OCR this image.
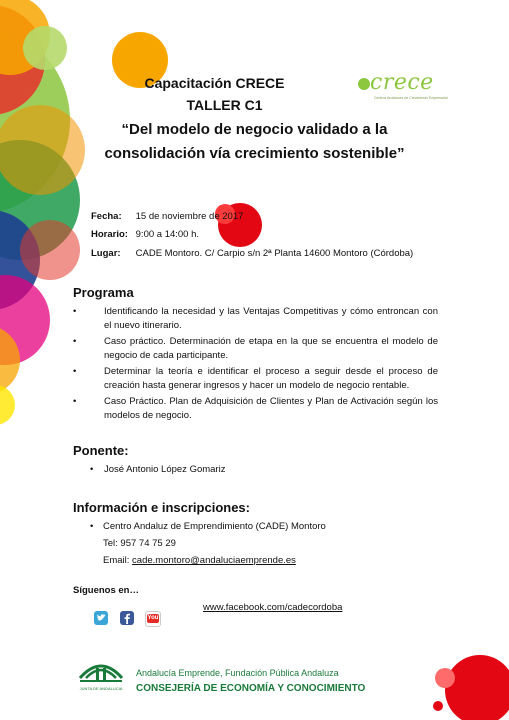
Capacitación CRECE
TALLER C1
“Del modelo de negocio validado a la
consolidación vía crecimiento sostenible”
crece
Centros Andaluces de Crecimiento Empresarial
Fecha: 15 de noviembre de 2017
Horario: 9:00 a 14:00 h.
Lugar: CADE Montoro. C/ Carpio s/n 2ª Planta 14600 Montoro (Córdoba)
Programa
•	Identificando la necesidad y las Ventajas Competitivas y cómo entroncan con el nuevo itinerario.
•	Caso práctico. Determinación de etapa en la que se encuentra el modelo de negocio de cada participante.
•	Determinar la teoría e identificar el proceso a seguir desde el proceso de creación hasta generar ingresos y hacer un modelo de negocio rentable.
•	Caso Práctico. Plan de Adquisición de Clientes y Plan de Activación según los modelos de negocio.
Ponente:
• José Antonio López Gomariz
Información e inscripciones:
• Centro Andaluz de Emprendimiento (CADE) Montoro
Tel: 957 74 75 29
Email: cade.montoro@andaluciaemprende.es
Síguenos en…
www.facebook.com/cadecordoba
You
JUNTA DE ANDALUCIA
Andalucía Emprende, Fundación Pública Andaluza
CONSEJERÍA DE ECONOMÍA Y CONOCIMIENTO
